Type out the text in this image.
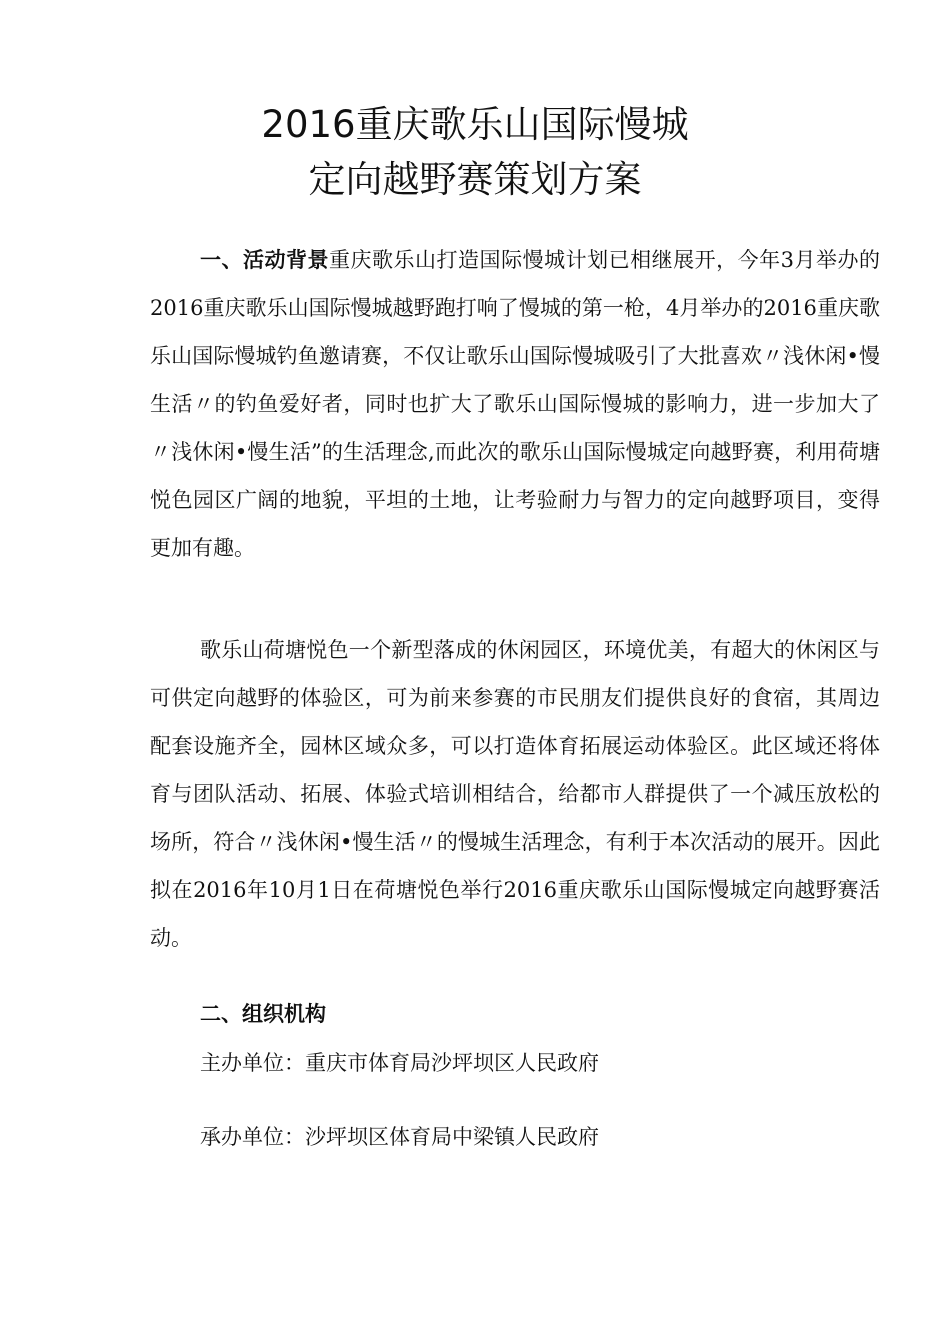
2016重庆歌乐山国际慢城
定向越野赛策划方案

一、活动背景重庆歌乐山打造国际慢城计划已相继展开，今年3月举办的2016重庆歌乐山国际慢城越野跑打响了慢城的第一枪，4月举办的2016重庆歌乐山国际慢城钓鱼邀请赛，不仅让歌乐山国际慢城吸引了大批喜欢〃浅休闲•慢生活〃的钓鱼爱好者，同时也扩大了歌乐山国际慢城的影响力，进一步加大了〃浅休闲•慢生活”的生活理念,而此次的歌乐山国际慢城定向越野赛，利用荷塘悦色园区广阔的地貌，平坦的土地，让考验耐力与智力的定向越野项目，变得更加有趣。

歌乐山荷塘悦色一个新型落成的休闲园区，环境优美，有超大的休闲区与可供定向越野的体验区，可为前来参赛的市民朋友们提供良好的食宿，其周边配套设施齐全，园林区域众多，可以打造体育拓展运动体验区。此区域还将体育与团队活动、拓展、体验式培训相结合，给都市人群提供了一个减压放松的场所，符合〃浅休闲•慢生活〃的慢城生活理念，有利于本次活动的展开。因此拟在2016年10月1日在荷塘悦色举行2016重庆歌乐山国际慢城定向越野赛活动。

二、组织机构
主办单位：重庆市体育局沙坪坝区人民政府
承办单位：沙坪坝区体育局中梁镇人民政府
